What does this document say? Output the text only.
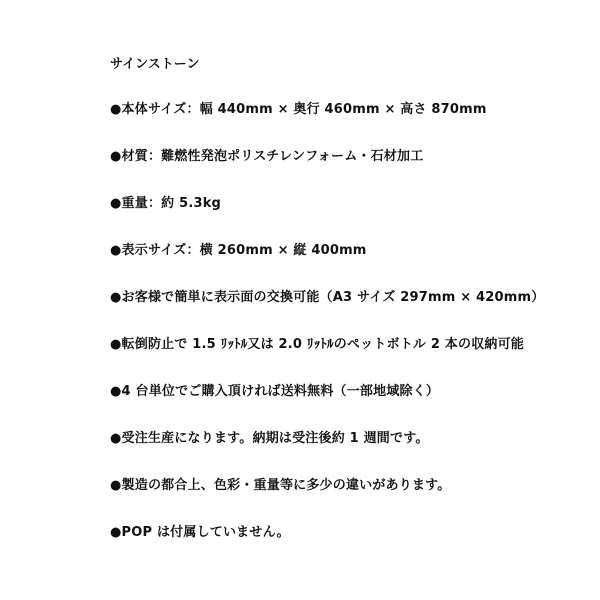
サインストーン
●本体サイズ：幅 440mm × 奥行 460mm × 高さ 870mm
●材質：難燃性発泡ポリスチレンフォーム・石材加工
●重量：約 5.3kg
●表示サイズ：横 260mm × 縦 400mm
●お客様で簡単に表示面の交換可能（A3 サイズ 297mm × 420mm）
●転倒防止で 1.5 ﾘｯﾄﾙ又は 2.0 ﾘｯﾄﾙのペットボトル 2 本の収納可能
●4 台単位でご購入頂ければ送料無料（一部地域除く）
●受注生産になります。納期は受注後約 1 週間です。
●製造の都合上、色彩・重量等に多少の違いがあります。
●POP は付属していません。
